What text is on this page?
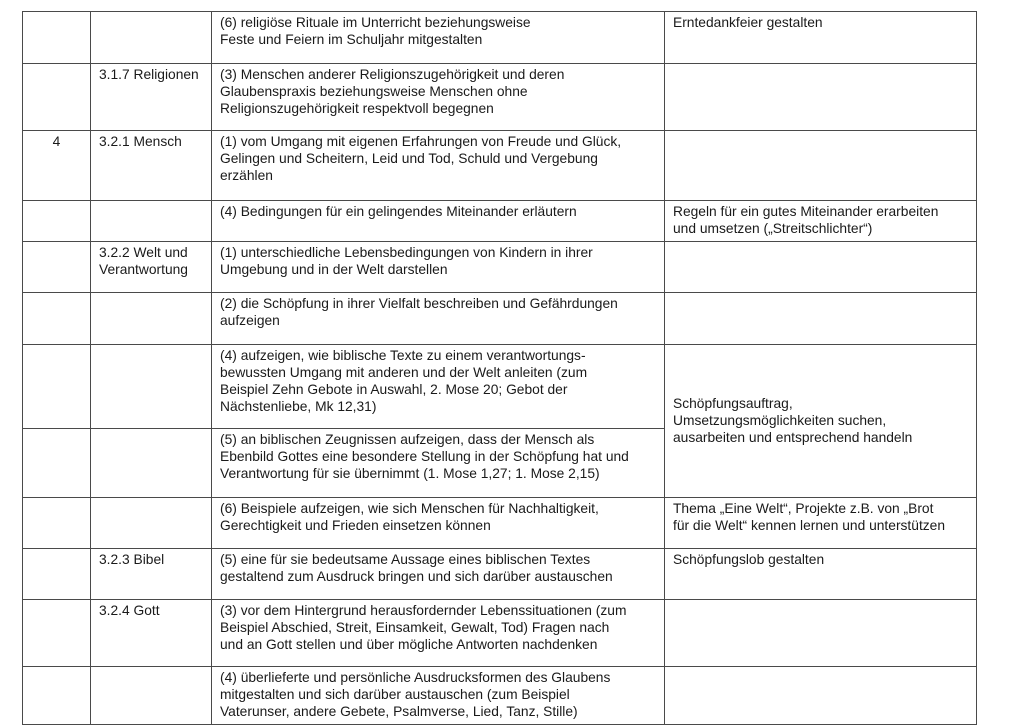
		(6) religiöse Rituale im Unterricht beziehungsweise
Feste und Feiern im Schuljahr mitgestalten	Erntedankfeier gestalten
	3.1.7 Religionen	(3) Menschen anderer Religionszugehörigkeit und deren
Glaubenspraxis beziehungsweise Menschen ohne
Religionszugehörigkeit respektvoll begegnen	
4	3.2.1 Mensch	(1) vom Umgang mit eigenen Erfahrungen von Freude und Glück,
Gelingen und Scheitern, Leid und Tod, Schuld und Vergebung
erzählen	
		(4) Bedingungen für ein gelingendes Miteinander erläutern	Regeln für ein gutes Miteinander erarbeiten
und umsetzen („Streitschlichter“)
	3.2.2 Welt und
Verantwortung	(1) unterschiedliche Lebensbedingungen von Kindern in ihrer
Umgebung und in der Welt darstellen	
		(2) die Schöpfung in ihrer Vielfalt beschreiben und Gefährdungen
aufzeigen	
		(4) aufzeigen, wie biblische Texte zu einem verantwortungs-
bewussten Umgang mit anderen und der Welt anleiten (zum
Beispiel Zehn Gebote in Auswahl, 2. Mose 20; Gebot der
Nächstenliebe, Mk 12,31)	Schöpfungsauftrag,
Umsetzungsmöglichkeiten suchen,
ausarbeiten und entsprechend handeln
		(5) an biblischen Zeugnissen aufzeigen, dass der Mensch als
Ebenbild Gottes eine besondere Stellung in der Schöpfung hat und
Verantwortung für sie übernimmt (1. Mose 1,27; 1. Mose 2,15)	
		(6) Beispiele aufzeigen, wie sich Menschen für Nachhaltigkeit,
Gerechtigkeit und Frieden einsetzen können	Thema „Eine Welt“, Projekte z.B. von „Brot
für die Welt“ kennen lernen und unterstützen
	3.2.3 Bibel	(5) eine für sie bedeutsame Aussage eines biblischen Textes
gestaltend zum Ausdruck bringen und sich darüber austauschen	Schöpfungslob gestalten
	3.2.4 Gott	(3) vor dem Hintergrund herausfordernder Lebenssituationen (zum
Beispiel Abschied, Streit, Einsamkeit, Gewalt, Tod) Fragen nach
und an Gott stellen und über mögliche Antworten nachdenken	
		(4) überlieferte und persönliche Ausdrucksformen des Glaubens
mitgestalten und sich darüber austauschen (zum Beispiel
Vaterunser, andere Gebete, Psalmverse, Lied, Tanz, Stille)	
